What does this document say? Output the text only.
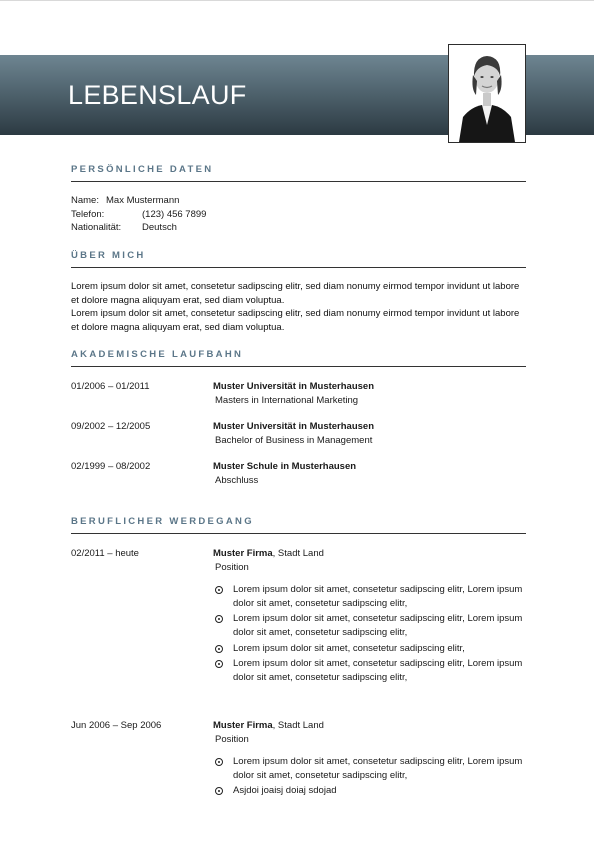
LEBENSLAUF
PERSÖNLICHE DATEN
Name: Max Mustermann
Telefon:	(123) 456 7899
Nationalität: Deutsch
ÜBER MICH
Lorem ipsum dolor sit amet, consetetur sadipscing elitr, sed diam nonumy eirmod tempor invidunt ut labore et dolore magna aliquyam erat, sed diam voluptua.
Lorem ipsum dolor sit amet, consetetur sadipscing elitr, sed diam nonumy eirmod tempor invidunt ut labore et dolore magna aliquyam erat, sed diam voluptua.
AKADEMISCHE LAUFBAHN
01/2006 – 01/2011	Muster Universität in Musterhausen
Masters in International Marketing
09/2002 – 12/2005	Muster Universität in Musterhausen
Bachelor of Business in Management
02/1999 – 08/2002	Muster Schule in Musterhausen
Abschluss
BERUFLICHER WERDEGANG
02/2011 – heute	Muster Firma, Stadt Land
Position
Lorem ipsum dolor sit amet, consetetur sadipscing elitr, Lorem ipsum dolor sit amet, consetetur sadipscing elitr,
Lorem ipsum dolor sit amet, consetetur sadipscing elitr, Lorem ipsum dolor sit amet, consetetur sadipscing elitr,
Lorem ipsum dolor sit amet, consetetur sadipscing elitr,
Lorem ipsum dolor sit amet, consetetur sadipscing elitr, Lorem ipsum dolor sit amet, consetetur sadipscing elitr,
Jun 2006 – Sep 2006	Muster Firma, Stadt Land
Position
Lorem ipsum dolor sit amet, consetetur sadipscing elitr, Lorem ipsum dolor sit amet, consetetur sadipscing elitr,
Asjdoi joaisj doiaj sdojad
